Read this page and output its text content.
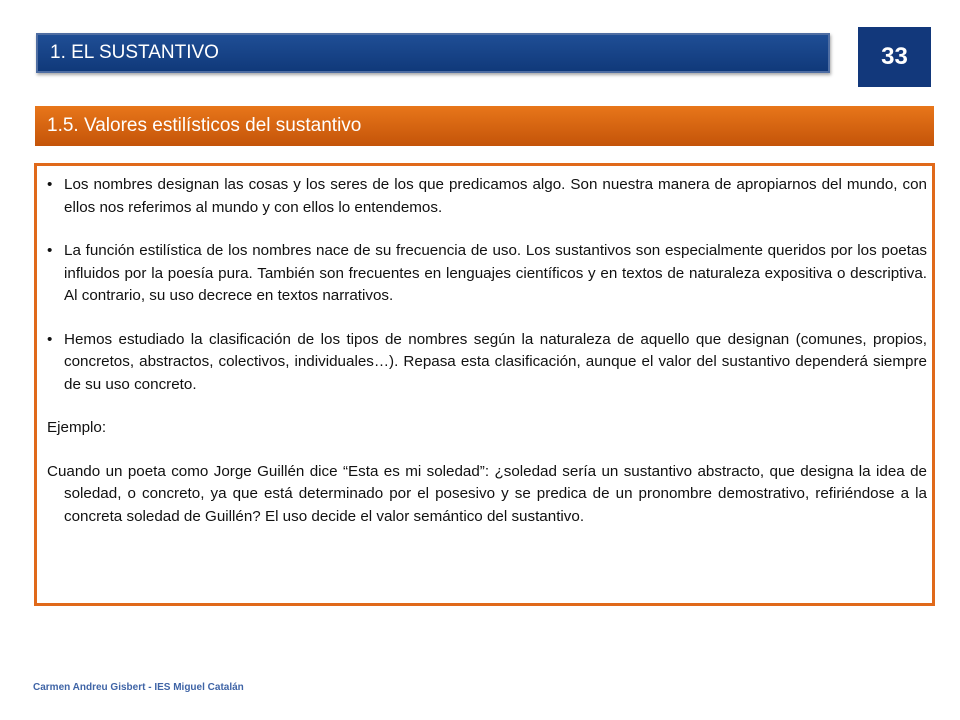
1. EL SUSTANTIVO	33
1.5. Valores estilísticos del sustantivo

• Los nombres designan las cosas y los seres de los que predicamos algo. Son nuestra manera de apropiarnos del mundo, con ellos nos referimos al mundo y con ellos lo entendemos.

• La función estilística de los nombres nace de su frecuencia de uso. Los sustantivos son especialmente queridos por los poetas influidos por la poesía pura. También son frecuentes en lenguajes científicos y en textos de naturaleza expositiva o descriptiva. Al contrario, su uso decrece en textos narrativos.

• Hemos estudiado la clasificación de los tipos de nombres según la naturaleza de aquello que designan (comunes, propios, concretos, abstractos, colectivos, individuales…). Repasa esta clasificación, aunque el valor del sustantivo dependerá siempre de su uso concreto.

Ejemplo:

Cuando un poeta como Jorge Guillén dice “Esta es mi soledad”: ¿soledad sería un sustantivo abstracto, que designa la idea de soledad, o concreto, ya que está determinado por el posesivo y se predica de un pronombre demostrativo, refiriéndose a la concreta soledad de Guillén? El uso decide el valor semántico del sustantivo.

Carmen Andreu Gisbert - IES Miguel Catalán
